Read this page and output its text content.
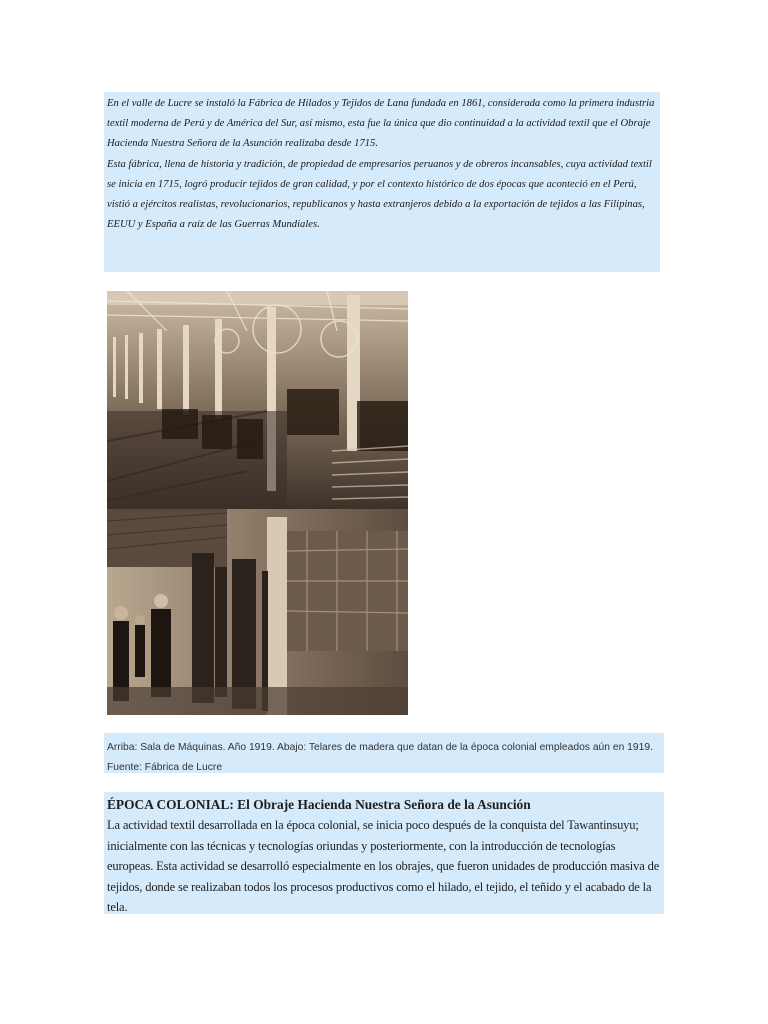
En el valle de Lucre se instaló la Fábrica de Hilados y Tejidos de Lana fundada en 1861, considerada como la primera industria textil moderna de Perú y de América del Sur, así mismo, esta fue la única que dio continuidad a la actividad textil que el Obraje Hacienda Nuestra Señora de la Asunción realizaba desde 1715.

Esta fábrica, llena de historia y tradición, de propiedad de empresarios peruanos y de obreros incansables, cuya actividad textil se inicia en 1715, logró producir tejidos de gran calidad, y por el contexto histórico de dos épocas que aconteció en el Perú, vistió a ejércitos realistas, revolucionarios, republicanos y hasta extranjeros debido a la exportación de tejidos a las Filipinas, EEUU y España a raíz de las Guerras Mundiales.

Arriba: Sala de Máquinas. Año 1919. Abajo: Telares de madera que datan de la época colonial empleados aún en 1919. Fuente: Fábrica de Lucre
ÉPOCA COLONIAL: El Obraje Hacienda Nuestra Señora de la Asunción

La actividad textil desarrollada en la época colonial, se inicia poco después de la conquista del Tawantinsuyu; inicialmente con las técnicas y tecnologías oriundas y posteriormente, con la introducción de tecnologías europeas. Esta actividad se desarrolló especialmente en los obrajes, que fueron unidades de producción masiva de tejidos, donde se realizaban todos los procesos productivos como el hilado, el tejido, el teñido y el acabado de la tela.
